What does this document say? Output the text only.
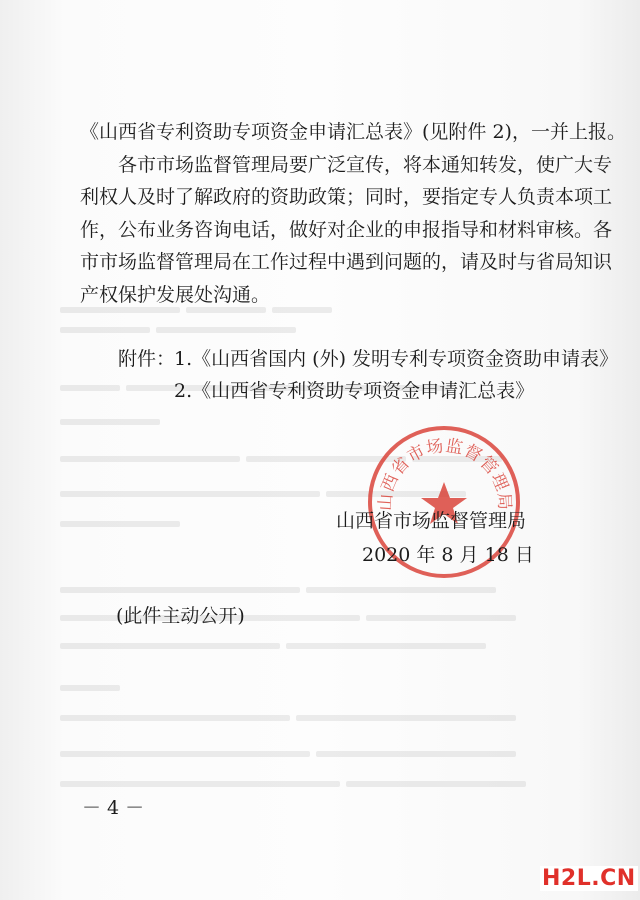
《山西省专利资助专项资金申请汇总表》(见附件 2)，一并上报。

各市市场监督管理局要广泛宣传，将本通知转发，使广大专

利权人及时了解政府的资助政策；同时，要指定专人负责本项工

作，公布业务咨询电话，做好对企业的申报指导和材料审核。各

市市场监督管理局在工作过程中遇到问题的，请及时与省局知识

产权保护发展处沟通。

附件：

1.《山西省国内 (外) 发明专利专项资金资助申请表》

2.《山西省专利资助专项资金申请汇总表》

山西省市场监督管理局
山西省市场监督管理局
2020 年 8 月 18 日
(此件主动公开)
－ 4 －
H2L.CN
